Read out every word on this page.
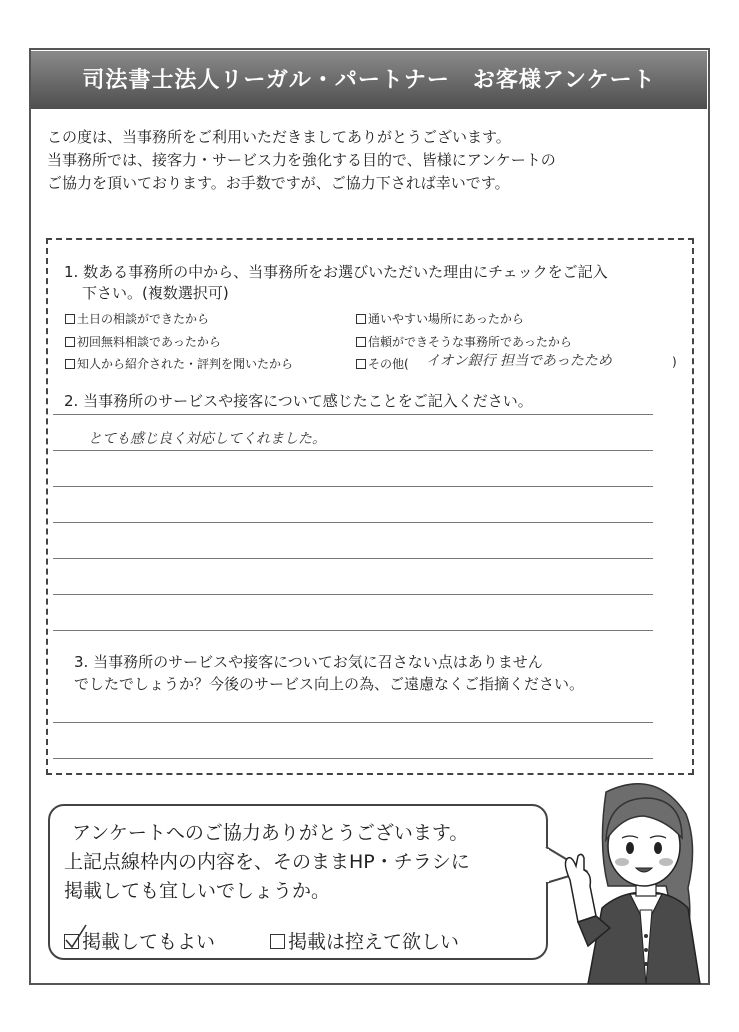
司法書士法人リーガル・パートナー　お客様アンケート
この度は、当事務所をご利用いただきましてありがとうございます。
当事務所では、接客力・サービス力を強化する目的で、皆様にアンケートの
ご協力を頂いております。お手数ですが、ご協力下されば幸いです。
1. 数ある事務所の中から、当事務所をお選びいただいた理由にチェックをご記入
下さい。(複数選択可)
土日の相談ができたから
初回無料相談であったから
知人から紹介された・評判を聞いたから
通いやすい場所にあったから
信頼ができそうな事務所であったから
その他( イオン銀行 担当であったため	)
2. 当事務所のサービスや接客について感じたことをご記入ください。
とても感じ良く対応してくれました。
3. 当事務所のサービスや接客についてお気に召さない点はありません
でしたでしょうか？今後のサービス向上の為、ご遠慮なくご指摘ください。
アンケートへのご協力ありがとうございます。
上記点線枠内の内容を、そのままHP・チラシに
掲載しても宜しいでしょうか。
掲載してもよい	掲載は控えて欲しい
